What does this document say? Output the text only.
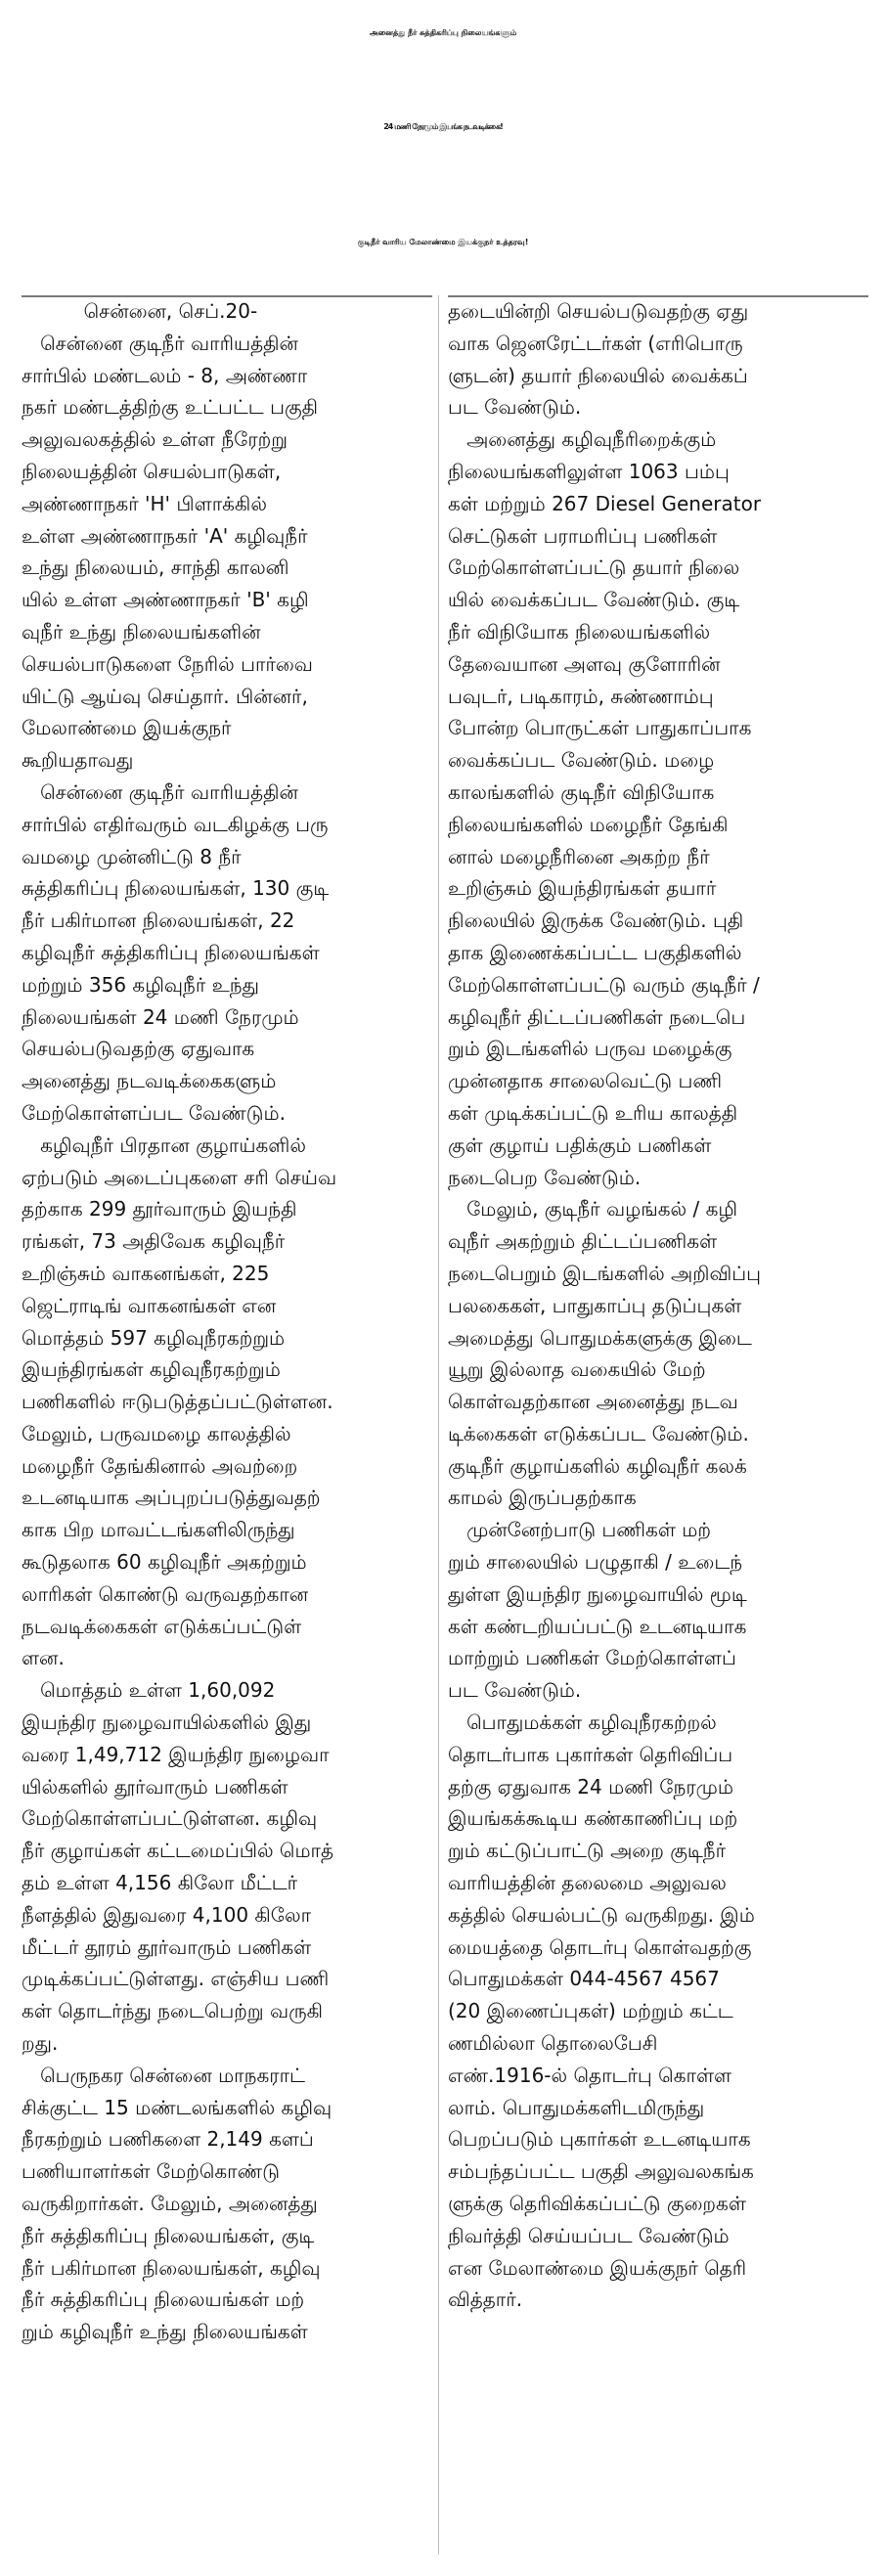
அனைத்து நீர் சுத்திகரிப்பு நிலையங்களும்
24 மணி நேரமும் இயங்க நடவடிக்கை!
குடிநீர் வாரிய மேலாண்மை இயக்குநர் உத்தரவு!
சென்னை, செப்.20-
சென்னை குடிநீர் வாரியத்தின்
சார்பில் மண்டலம் - 8, அண்ணா
நகர் மண்டத்திற்கு உட்பட்ட பகுதி
அலுவலகத்தில் உள்ள நீரேற்று
நிலையத்தின் செயல்பாடுகள்,
அண்ணாநகர் 'H' பிளாக்கில்
உள்ள அண்ணாநகர் 'A' கழிவுநீர்
உந்து நிலையம், சாந்தி காலனி
யில் உள்ள அண்ணாநகர் 'B' கழி
வுநீர் உந்து நிலையங்களின்
செயல்பாடுகளை நேரில் பார்வை
யிட்டு ஆய்வு செய்தார். பின்னர்,
மேலாண்மை இயக்குநர்
கூறியதாவது
சென்னை குடிநீர் வாரியத்தின்
சார்பில் எதிர்வரும் வடகிழக்கு பரு
வமழை முன்னிட்டு 8 நீர்
சுத்திகரிப்பு நிலையங்கள், 130 குடி
நீர் பகிர்மான நிலையங்கள், 22
கழிவுநீர் சுத்திகரிப்பு நிலையங்கள்
மற்றும் 356 கழிவுநீர் உந்து
நிலையங்கள் 24 மணி நேரமும்
செயல்படுவதற்கு ஏதுவாக
அனைத்து நடவடிக்கைகளும்
மேற்கொள்ளப்பட வேண்டும்.
கழிவுநீர் பிரதான குழாய்களில்
ஏற்படும் அடைப்புகளை சரி செய்வ
தற்காக 299 தூர்வாரும் இயந்தி
ரங்கள், 73 அதிவேக கழிவுநீர்
உறிஞ்சும் வாகனங்கள், 225
ஜெட்ராடிங் வாகனங்கள் என
மொத்தம் 597 கழிவுநீரகற்றும்
இயந்திரங்கள் கழிவுநீரகற்றும்
பணிகளில் ஈடுபடுத்தப்பட்டுள்ளன.
மேலும், பருவமழை காலத்தில்
மழைநீர் தேங்கினால் அவற்றை
உடனடியாக அப்புறப்படுத்துவதற்
காக பிற மாவட்டங்களிலிருந்து
கூடுதலாக 60 கழிவுநீர் அகற்றும்
லாரிகள் கொண்டு வருவதற்கான
நடவடிக்கைகள் எடுக்கப்பட்டுள்
ளன.
மொத்தம் உள்ள 1,60,092
இயந்திர நுழைவாயில்களில் இது
வரை 1,49,712 இயந்திர நுழைவா
யில்களில் தூர்வாரும் பணிகள்
மேற்கொள்ளப்பட்டுள்ளன. கழிவு
நீர் குழாய்கள் கட்டமைப்பில் மொத்
தம் உள்ள 4,156 கிலோ மீட்டர்
நீளத்தில் இதுவரை 4,100 கிலோ
மீட்டர் தூரம் தூர்வாரும் பணிகள்
முடிக்கப்பட்டுள்ளது. எஞ்சிய பணி
கள் தொடர்ந்து நடைபெற்று வருகி
றது.
பெருநகர சென்னை மாநகராட்
சிக்குட்ட 15 மண்டலங்களில் கழிவு
நீரகற்றும் பணிகளை 2,149 களப்
பணியாளர்கள் மேற்கொண்டு
வருகிறார்கள். மேலும், அனைத்து
நீர் சுத்திகரிப்பு நிலையங்கள், குடி
நீர் பகிர்மான நிலையங்கள், கழிவு
நீர் சுத்திகரிப்பு நிலையங்கள் மற்
றும் கழிவுநீர் உந்து நிலையங்கள்
தடையின்றி செயல்படுவதற்கு ஏது
வாக ஜெனரேட்டர்கள் (எரிபொரு
ளுடன்) தயார் நிலையில் வைக்கப்
பட வேண்டும்.
அனைத்து கழிவுநீரிறைக்கும்
நிலையங்களிலுள்ள 1063 பம்பு
கள் மற்றும் 267 Diesel Generator
செட்டுகள் பராமரிப்பு பணிகள்
மேற்கொள்ளப்பட்டு தயார் நிலை
யில் வைக்கப்பட வேண்டும். குடி
நீர் விநியோக நிலையங்களில்
தேவையான அளவு குளோரின்
பவுடர், படிகாரம், சுண்ணாம்பு
போன்ற பொருட்கள் பாதுகாப்பாக
வைக்கப்பட வேண்டும். மழை
காலங்களில் குடிநீர் விநியோக
நிலையங்களில் மழைநீர் தேங்கி
னால் மழைநீரினை அகற்ற நீர்
உறிஞ்சும் இயந்திரங்கள் தயார்
நிலையில் இருக்க வேண்டும். புதி
தாக இணைக்கப்பட்ட பகுதிகளில்
மேற்கொள்ளப்பட்டு வரும் குடிநீர் /
கழிவுநீர் திட்டப்பணிகள் நடைபெ
றும் இடங்களில் பருவ மழைக்கு
முன்னதாக சாலைவெட்டு பணி
கள் முடிக்கப்பட்டு உரிய காலத்தி
குள் குழாய் பதிக்கும் பணிகள்
நடைபெற வேண்டும்.
மேலும், குடிநீர் வழங்கல் / கழி
வுநீர் அகற்றும் திட்டப்பணிகள்
நடைபெறும் இடங்களில் அறிவிப்பு
பலகைகள், பாதுகாப்பு தடுப்புகள்
அமைத்து பொதுமக்களுக்கு இடை
யூறு இல்லாத வகையில் மேற்
கொள்வதற்கான அனைத்து நடவ
டிக்கைகள் எடுக்கப்பட வேண்டும்.
குடிநீர் குழாய்களில் கழிவுநீர் கலக்
காமல் இருப்பதற்காக
முன்னேற்பாடு பணிகள் மற்
றும் சாலையில் பழுதாகி / உடைந்
துள்ள இயந்திர நுழைவாயில் மூடி
கள் கண்டறியப்பட்டு உடனடியாக
மாற்றும் பணிகள் மேற்கொள்ளப்
பட வேண்டும்.
பொதுமக்கள் கழிவுநீரகற்றல்
தொடர்பாக புகார்கள் தெரிவிப்ப
தற்கு ஏதுவாக 24 மணி நேரமும்
இயங்கக்கூடிய கண்காணிப்பு மற்
றும் கட்டுப்பாட்டு அறை குடிநீர்
வாரியத்தின் தலைமை அலுவல
கத்தில் செயல்பட்டு வருகிறது. இம்
மையத்தை தொடர்பு கொள்வதற்கு
பொதுமக்கள் 044-4567 4567
(20 இணைப்புகள்) மற்றும் கட்ட
ணமில்லா தொலைபேசி
எண்.1916-ல் தொடர்பு கொள்ள
லாம். பொதுமக்களிடமிருந்து
பெறப்படும் புகார்கள் உடனடியாக
சம்பந்தப்பட்ட பகுதி அலுவலகங்க
ளுக்கு தெரிவிக்கப்பட்டு குறைகள்
நிவர்த்தி செய்யப்பட வேண்டும்
என மேலாண்மை இயக்குநர் தெரி
வித்தார்.
